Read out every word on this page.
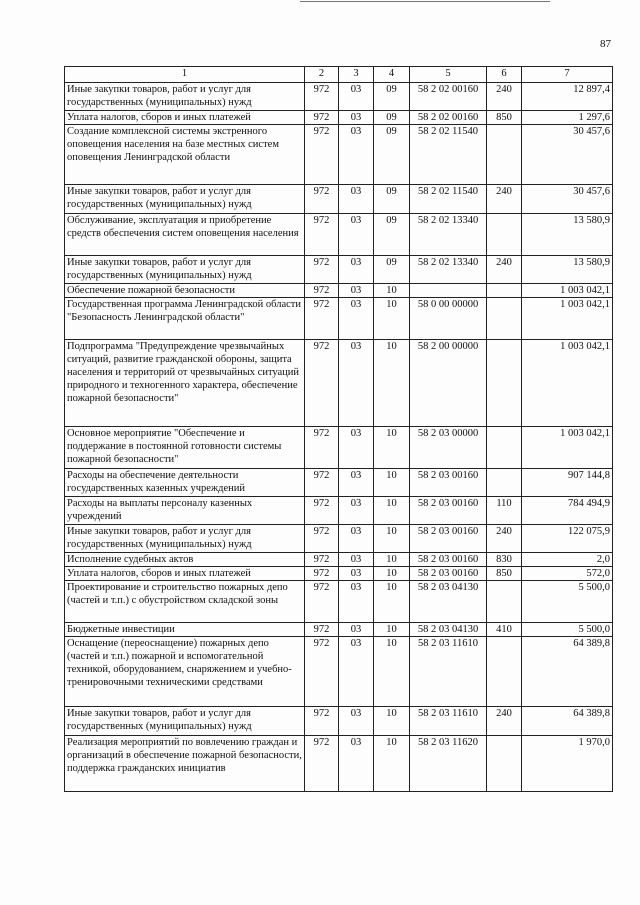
87
1	2	3	4	5	6	7
Иные закупки товаров, работ и услуг для государственных (муниципальных) нужд	972	03	09	58 2 02 00160	240	12 897,4
Уплата налогов, сборов и иных платежей	972	03	09	58 2 02 00160	850	1 297,6
Создание комплексной системы экстренного оповещения населения на базе местных систем оповещения Ленинградской области	972	03	09	58 2 02 11540		30 457,6
Иные закупки товаров, работ и услуг для государственных (муниципальных) нужд	972	03	09	58 2 02 11540	240	30 457,6
Обслуживание, эксплуатация и приобретение средств обеспечения систем оповещения населения	972	03	09	58 2 02 13340		13 580,9
Иные закупки товаров, работ и услуг для государственных (муниципальных) нужд	972	03	09	58 2 02 13340	240	13 580,9
Обеспечение пожарной безопасности	972	03	10			1 003 042,1
Государственная программа Ленинградской области "Безопасность Ленинградской области"	972	03	10	58 0 00 00000		1 003 042,1
Подпрограмма "Предупреждение чрезвычайных ситуаций, развитие гражданской обороны, защита населения и территорий от чрезвычайных ситуаций природного и техногенного характера, обеспечение пожарной безопасности"	972	03	10	58 2 00 00000		1 003 042,1
Основное мероприятие "Обеспечение и поддержание в постоянной готовности системы пожарной безопасности"	972	03	10	58 2 03 00000		1 003 042,1
Расходы на обеспечение деятельности государственных казенных учреждений	972	03	10	58 2 03 00160		907 144,8
Расходы на выплаты персоналу казенных учреждений	972	03	10	58 2 03 00160	110	784 494,9
Иные закупки товаров, работ и услуг для государственных (муниципальных) нужд	972	03	10	58 2 03 00160	240	122 075,9
Исполнение судебных актов	972	03	10	58 2 03 00160	830	2,0
Уплата налогов, сборов и иных платежей	972	03	10	58 2 03 00160	850	572,0
Проектирование и строительство пожарных депо (частей и т.п.) с обустройством складской зоны	972	03	10	58 2 03 04130		5 500,0
Бюджетные инвестиции	972	03	10	58 2 03 04130	410	5 500,0
Оснащение (переоснащение) пожарных депо (частей и т.п.) пожарной и вспомогательной техникой, оборудованием, снаряжением и учебно-тренировочными техническими средствами	972	03	10	58 2 03 11610		64 389,8
Иные закупки товаров, работ и услуг для государственных (муниципальных) нужд	972	03	10	58 2 03 11610	240	64 389,8
Реализация мероприятий по вовлечению граждан и организаций в обеспечение пожарной безопасности, поддержка гражданских инициатив	972	03	10	58 2 03 11620		1 970,0
